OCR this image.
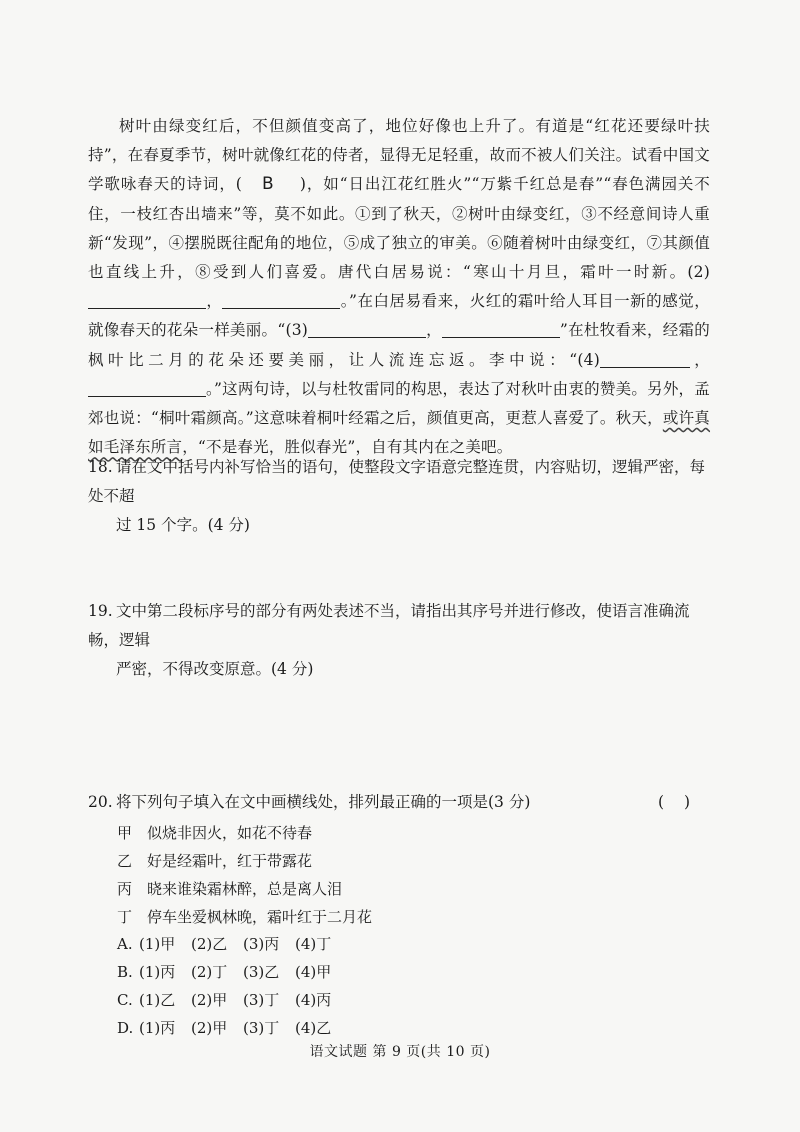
树叶由绿变红后，不但颜值变高了，地位好像也上升了。有道是“红花还要绿叶扶持”，在春夏季节，树叶就像红花的侍者，显得无足轻重，故而不被人们关注。试看中国文学歌咏春天的诗词，( B )，如“日出江花红胜火”“万紫千红总是春”“春色满园关不住，一枝红杏出墙来”等，莫不如此。①到了秋天，②树叶由绿变红，③不经意间诗人重新“发现”，④摆脱既往配角的地位，⑤成了独立的审美。⑥随着树叶由绿变红，⑦其颜值也直线上升，⑧受到人们喜爱。唐代白居易说：“寒山十月旦，霜叶一时新。(2)，	。”在白居易看来，火红的霜叶给人耳目一新的感觉，就像春天的花朵一样美丽。“(3)	，	”在杜牧看来，经霜的枫叶比二月的花朵还要美丽，让人流连忘返。李中说：“(4)	，。”这两句诗，以与杜牧雷同的构思，表达了对秋叶由衷的赞美。另外，孟郊也说：“桐叶霜颜高。”这意味着桐叶经霜之后，颜值更高，更惹人喜爱了。秋天，或许真如毛泽东所言，“不是春光，胜似春光”，自有其内在之美吧。

18. 请在文中括号内补写恰当的语句，使整段文字语意完整连贯，内容贴切，逻辑严密，每处不超
过 15 个字。(4 分)
19. 文中第二段标序号的部分有两处表述不当，请指出其序号并进行修改，使语言准确流畅，逻辑
严密，不得改变原意。(4 分)
20. 将下列句子填入在文中画横线处，排列最正确的一项是(3 分)	( )
甲 似烧非因火，如花不待春
乙 好是经霜叶，红于带露花
丙 晓来谁染霜林醉，总是离人泪
丁 停车坐爱枫林晚，霜叶红于二月花
A. (1)甲 (2)乙 (3)丙 (4)丁
B. (1)丙 (2)丁 (3)乙 (4)甲
C. (1)乙 (2)甲 (3)丁 (4)丙
D. (1)丙 (2)甲 (3)丁 (4)乙
语文试题 第 9 页(共 10 页)
